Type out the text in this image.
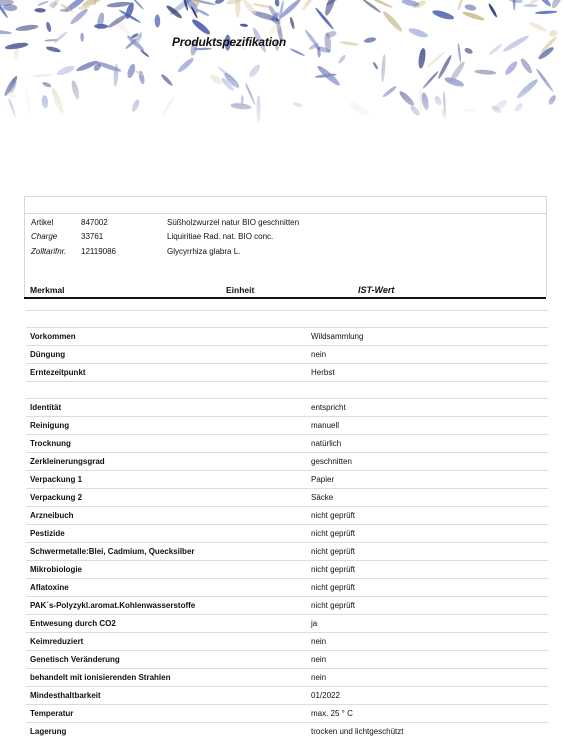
Produktspezifikation
Artikel	847002	Süßholzwurzel natur BIO geschnitten
Charge	33761	Liquiritiae Rad. nat. BIO conc.
Zolltarifnr. 12119086	Glycyrrhiza glabra L.
Merkmal	Einheit	IST-Wert
Vorkommen	Wildsammlung
Düngung	nein
Erntezeitpunkt	Herbst
Identität	entspricht
Reinigung	manuell
Trocknung	natürlich
Zerkleinerungsgrad	geschnitten
Verpackung 1	Papier
Verpackung 2	Säcke
Arzneibuch	nicht geprüft
Pestizide	nicht geprüft
Schwermetalle:Blei, Cadmium, Quecksilber	nicht geprüft
Mikrobiologie	nicht geprüft
Aflatoxine	nicht geprüft
PAK´s-Polyzykl.aromat.Kohlenwasserstoffe	nicht geprüft
Entwesung durch CO2	ja
Keimreduziert	nein
Genetisch Veränderung	nein
behandelt mit ionisierenden Strahlen	nein
Mindesthaltbarkeit	01/2022
Temperatur	max. 25 ° C
Lagerung	trocken und lichtgeschützt
